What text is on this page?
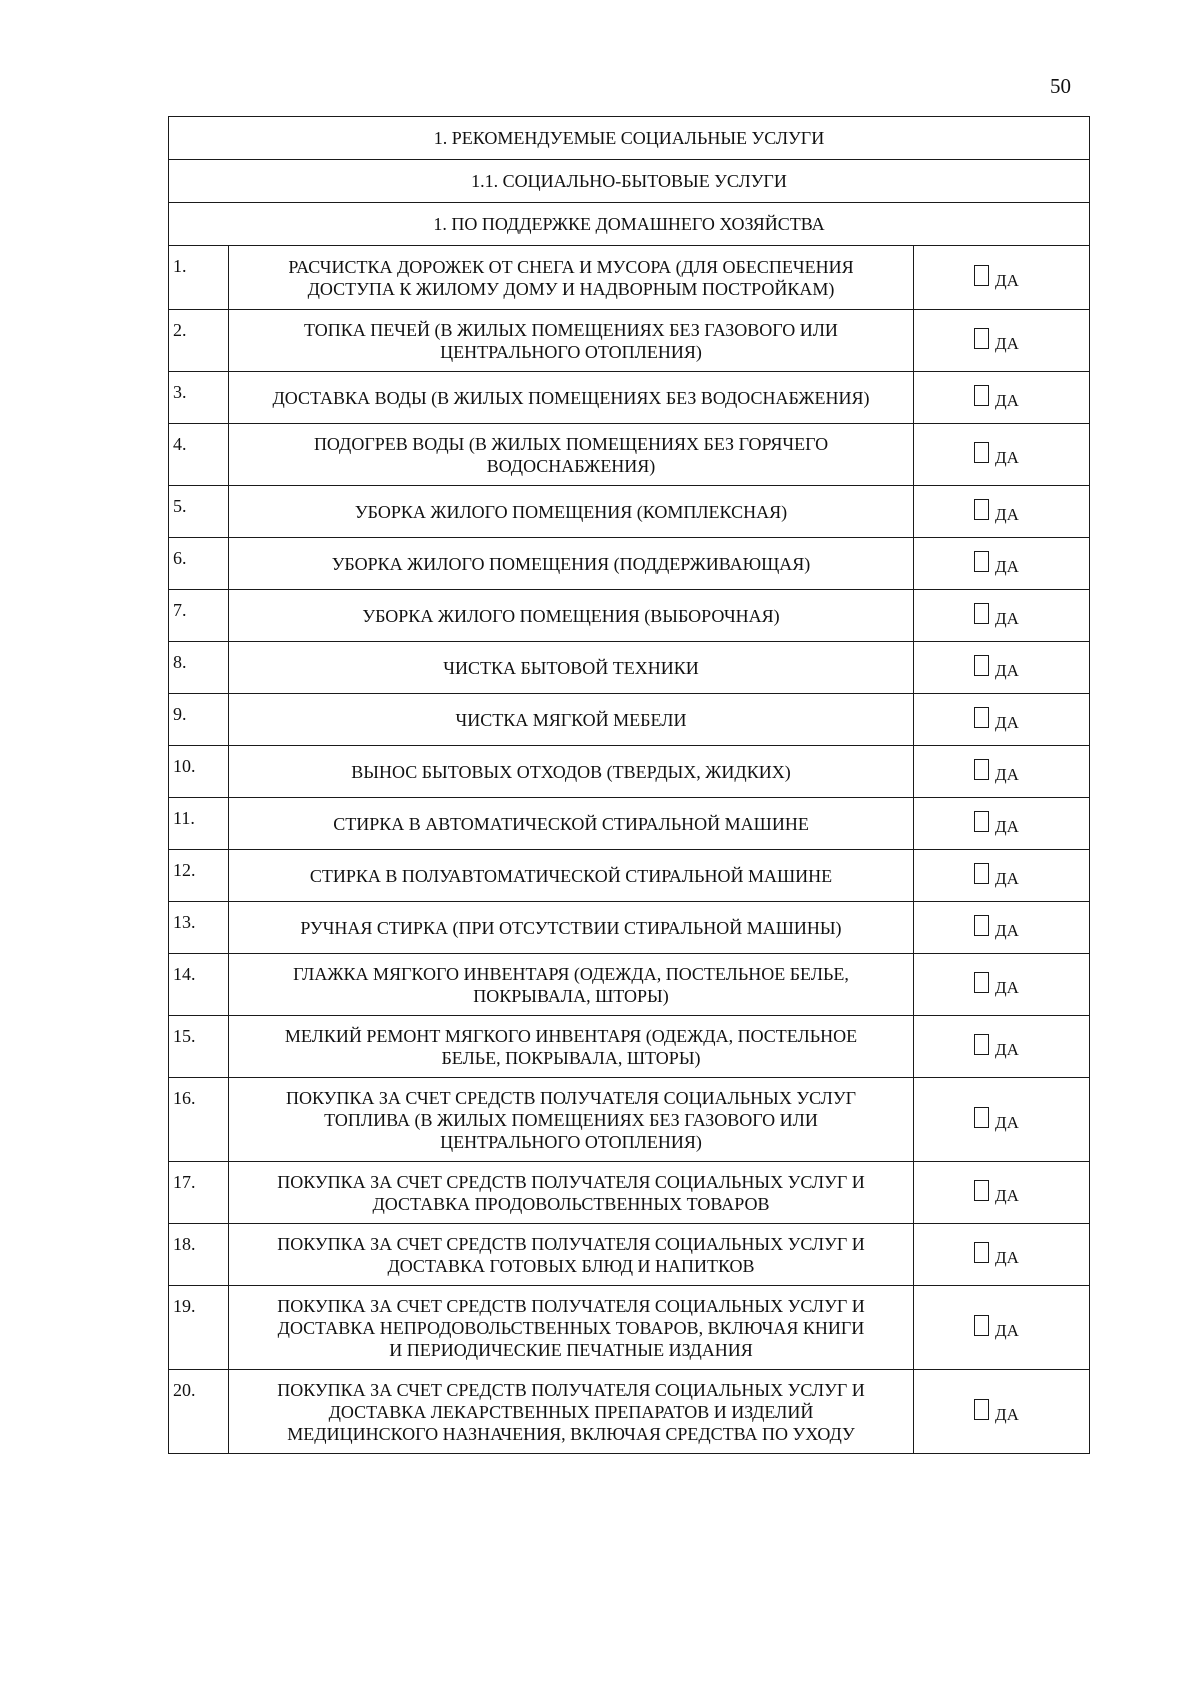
50
1. РЕКОМЕНДУЕМЫЕ СОЦИАЛЬНЫЕ УСЛУГИ		
1.1. СОЦИАЛЬНО-БЫТОВЫЕ УСЛУГИ		
1. ПО ПОДДЕРЖКЕ ДОМАШНЕГО ХОЗЯЙСТВА		
1.	РАСЧИСТКА ДОРОЖЕК ОТ СНЕГА И МУСОРА (ДЛЯ ОБЕСПЕЧЕНИЯ
ДОСТУПА К ЖИЛОМУ ДОМУ И НАДВОРНЫМ ПОСТРОЙКАМ)	ДА

2.	ТОПКА ПЕЧЕЙ (В ЖИЛЫХ ПОМЕЩЕНИЯХ БЕЗ ГАЗОВОГО ИЛИ
ЦЕНТРАЛЬНОГО ОТОПЛЕНИЯ)	ДА

3.	ДОСТАВКА ВОДЫ (В ЖИЛЫХ ПОМЕЩЕНИЯХ БЕЗ ВОДОСНАБЖЕНИЯ)	ДА

4.	ПОДОГРЕВ ВОДЫ (В ЖИЛЫХ ПОМЕЩЕНИЯХ БЕЗ ГОРЯЧЕГО
ВОДОСНАБЖЕНИЯ)	ДА

5.	УБОРКА ЖИЛОГО ПОМЕЩЕНИЯ (КОМПЛЕКСНАЯ)	ДА

6.	УБОРКА ЖИЛОГО ПОМЕЩЕНИЯ (ПОДДЕРЖИВАЮЩАЯ)	ДА

7.	УБОРКА ЖИЛОГО ПОМЕЩЕНИЯ (ВЫБОРОЧНАЯ)	ДА

8.	ЧИСТКА БЫТОВОЙ ТЕХНИКИ	ДА

9.	ЧИСТКА МЯГКОЙ МЕБЕЛИ	ДА

10.	ВЫНОС БЫТОВЫХ ОТХОДОВ (ТВЕРДЫХ, ЖИДКИХ)	ДА

11.	СТИРКА В АВТОМАТИЧЕСКОЙ СТИРАЛЬНОЙ МАШИНЕ	ДА

12.	СТИРКА В ПОЛУАВТОМАТИЧЕСКОЙ СТИРАЛЬНОЙ МАШИНЕ	ДА

13.	РУЧНАЯ СТИРКА (ПРИ ОТСУТСТВИИ СТИРАЛЬНОЙ МАШИНЫ)	ДА

14.	ГЛАЖКА МЯГКОГО ИНВЕНТАРЯ (ОДЕЖДА, ПОСТЕЛЬНОЕ БЕЛЬЕ,
ПОКРЫВАЛА, ШТОРЫ)	ДА

15.	МЕЛКИЙ РЕМОНТ МЯГКОГО ИНВЕНТАРЯ (ОДЕЖДА, ПОСТЕЛЬНОЕ
БЕЛЬЕ, ПОКРЫВАЛА, ШТОРЫ)	ДА

16.	ПОКУПКА ЗА СЧЕТ СРЕДСТВ ПОЛУЧАТЕЛЯ СОЦИАЛЬНЫХ УСЛУГ
ТОПЛИВА (В ЖИЛЫХ ПОМЕЩЕНИЯХ БЕЗ ГАЗОВОГО ИЛИ
ЦЕНТРАЛЬНОГО ОТОПЛЕНИЯ)	ДА

17.	ПОКУПКА ЗА СЧЕТ СРЕДСТВ ПОЛУЧАТЕЛЯ СОЦИАЛЬНЫХ УСЛУГ И
ДОСТАВКА ПРОДОВОЛЬСТВЕННЫХ ТОВАРОВ	ДА

18.	ПОКУПКА ЗА СЧЕТ СРЕДСТВ ПОЛУЧАТЕЛЯ СОЦИАЛЬНЫХ УСЛУГ И
ДОСТАВКА ГОТОВЫХ БЛЮД И НАПИТКОВ	ДА

19.	ПОКУПКА ЗА СЧЕТ СРЕДСТВ ПОЛУЧАТЕЛЯ СОЦИАЛЬНЫХ УСЛУГ И
ДОСТАВКА НЕПРОДОВОЛЬСТВЕННЫХ ТОВАРОВ, ВКЛЮЧАЯ КНИГИ
И ПЕРИОДИЧЕСКИЕ ПЕЧАТНЫЕ ИЗДАНИЯ	ДА

20.	ПОКУПКА ЗА СЧЕТ СРЕДСТВ ПОЛУЧАТЕЛЯ СОЦИАЛЬНЫХ УСЛУГ И
ДОСТАВКА ЛЕКАРСТВЕННЫХ ПРЕПАРАТОВ И ИЗДЕЛИЙ
МЕДИЦИНСКОГО НАЗНАЧЕНИЯ, ВКЛЮЧАЯ СРЕДСТВА ПО УХОДУ	ДА
